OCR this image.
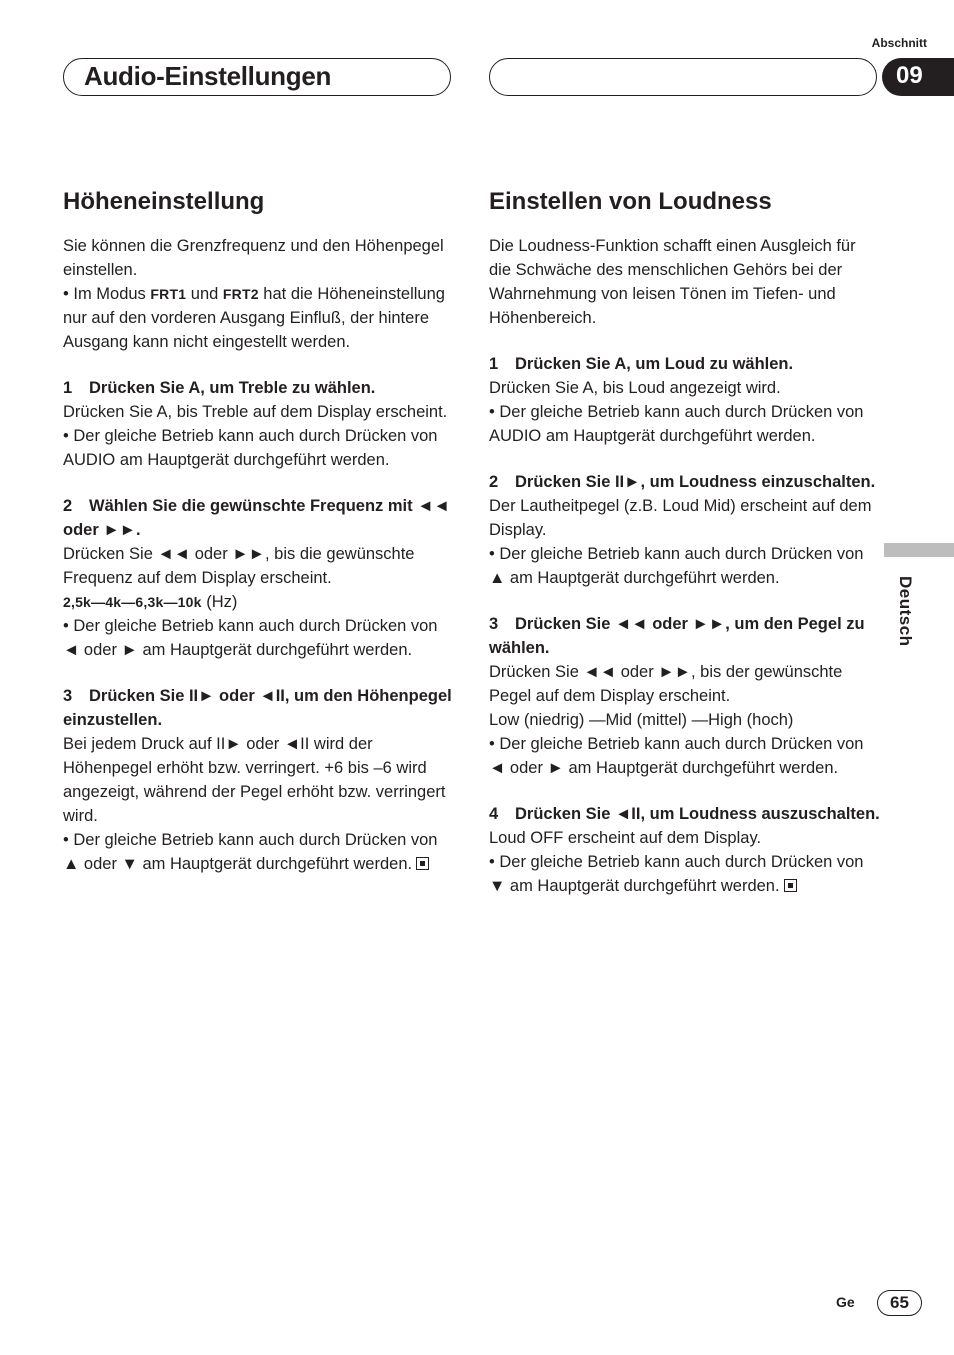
Abschnitt
Audio-Einstellungen	09
Höheneinstellung

Sie können die Grenzfrequenz und den Höhenpegel einstellen.

• Im Modus FRT1 und FRT2 hat die Höheneinstellung nur auf den vorderen Ausgang Einfluß, der hintere Ausgang kann nicht eingestellt werden.

1 Drücken Sie A, um Treble zu wählen.

Drücken Sie A, bis Treble auf dem Display erscheint.

• Der gleiche Betrieb kann auch durch Drücken von AUDIO am Hauptgerät durchgeführt werden.

2 Wählen Sie die gewünschte Frequenz mit ◄◄ oder ►►.

Drücken Sie ◄◄ oder ►►, bis die gewünschte Frequenz auf dem Display erscheint.

2,5k—4k—6,3k—10k (Hz)

• Der gleiche Betrieb kann auch durch Drücken von ◄ oder ► am Hauptgerät durchgeführt werden.

3 Drücken Sie II► oder ◄II, um den Höhenpegel einzustellen.

Bei jedem Druck auf II► oder ◄II wird der Höhenpegel erhöht bzw. verringert. +6 bis –6 wird angezeigt, während der Pegel erhöht bzw. verringert wird.

• Der gleiche Betrieb kann auch durch Drücken von ▲ oder ▼ am Hauptgerät durchgeführt werden.

Einstellen von Loudness

Die Loudness-Funktion schafft einen Ausgleich für die Schwäche des menschlichen Gehörs bei der Wahrnehmung von leisen Tönen im Tiefen- und Höhenbereich.

1 Drücken Sie A, um Loud zu wählen.

Drücken Sie A, bis Loud angezeigt wird.

• Der gleiche Betrieb kann auch durch Drücken von AUDIO am Hauptgerät durchgeführt werden.

2 Drücken Sie II►, um Loudness einzuschalten.

Der Lautheitpegel (z.B. Loud Mid) erscheint auf dem Display.

• Der gleiche Betrieb kann auch durch Drücken von ▲ am Hauptgerät durchgeführt werden.

3 Drücken Sie ◄◄ oder ►►, um den Pegel zu wählen.

Drücken Sie ◄◄ oder ►►, bis der gewünschte Pegel auf dem Display erscheint.

Low (niedrig) —Mid (mittel) —High (hoch)

• Der gleiche Betrieb kann auch durch Drücken von ◄ oder ► am Hauptgerät durchgeführt werden.

4 Drücken Sie ◄II, um Loudness auszuschalten.

Loud OFF erscheint auf dem Display.

• Der gleiche Betrieb kann auch durch Drücken von ▼ am Hauptgerät durchgeführt werden.

Deutsch
Ge	65
